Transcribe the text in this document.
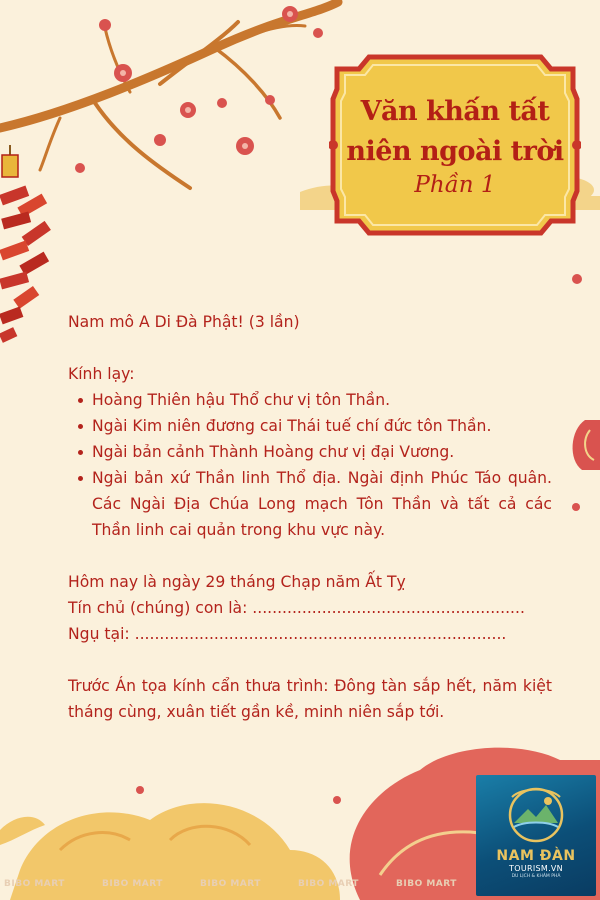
Văn khấn tất
niên ngoài trời
Phần 1

Nam mô A Di Đà Phật! (3 lần)

Kính lạy:

Hoàng Thiên hậu Thổ chư vị tôn Thần.
Ngài Kim niên đương cai Thái tuế chí đức tôn Thần.
Ngài bản cảnh Thành Hoàng chư vị đại Vương.
Ngài bản xứ Thần linh Thổ địa. Ngài định Phúc Táo quân. Các Ngài Địa Chúa Long mạch Tôn Thần và tất cả các Thần linh cai quản trong khu vực này.

Hôm nay là ngày 29 tháng Chạp năm Ất Tỵ

Tín chủ (chúng) con là: .......................................................

Ngụ tại: ...........................................................................

Trước Án tọa kính cẩn thưa trình: Đông tàn sắp hết, năm kiệt tháng cùng, xuân tiết gần kề, minh niên sắp tới.

BIBO MART	BIBO MART	BIBO MART	BIBO MART	BIBO MART
NAM ĐÀN
TOURISM.VN
DU LỊCH & KHÁM PHÁ
